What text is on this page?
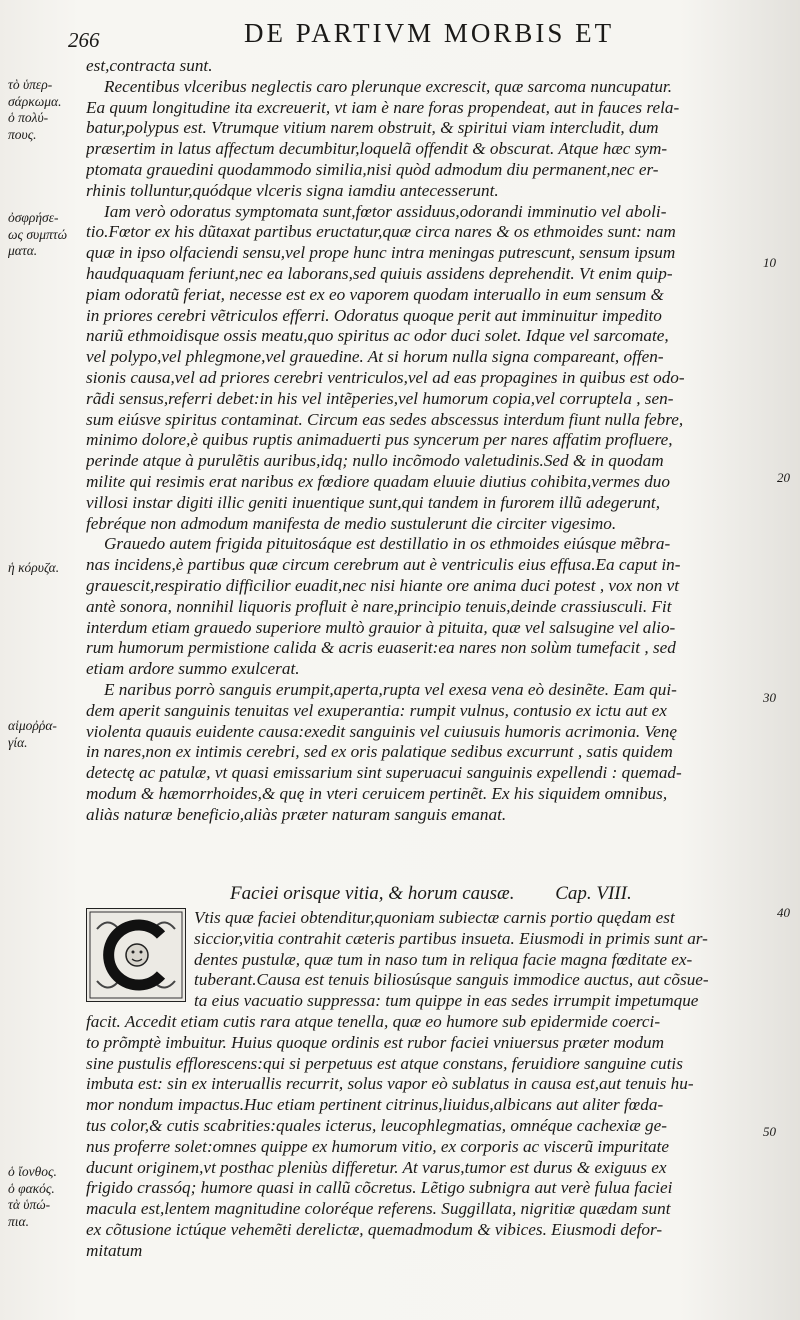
266	DE PARTIVM MORBIS ET
τὸ ὑπερ-
σάρκωμα.
ὁ πολύ-
πους.
ὀσφρήσε-
ως συμπτώ
ματα.
ἡ κόρυζα.
αἱμοῤῥα-
γία.
ὁ ἴονθος.
ὁ φακός.
τὰ ὑπώ-
πια.
10
20
30
40
50
est,contracta sunt.
Recentibus vlceribus neglectis caro plerunque excrescit, quæ sarcoma nuncupatur.
Ea quum longitudine ita excreuerit, vt iam è nare foras propendeat, aut in fauces rela-
batur,polypus est. Vtrumque vitium narem obstruit, & spiritui viam intercludit, dum
præsertim in latus affectum decumbitur,loquelã offendit & obscurat. Atque hæc sym-
ptomata grauedini quodammodo similia,nisi quòd admodum diu permanent,nec er-
rhinis tolluntur,quódque vlceris signa iamdiu antecesserunt.
Iam verò odoratus symptomata sunt,fœtor assiduus,odorandi imminutio vel aboli-
tio.Fœtor ex his dũtaxat partibus eructatur,quæ circa nares & os ethmoides sunt: nam
quæ in ipso olfaciendi sensu,vel prope hunc intra meningas putrescunt, sensum ipsum
haudquaquam feriunt,nec ea laborans,sed quiuis assidens deprehendit. Vt enim quip-
piam odoratũ feriat, necesse est ex eo vaporem quodam interuallo in eum sensum &
in priores cerebri vẽtriculos efferri. Odoratus quoque perit aut imminuitur impedito
nariũ ethmoidisque ossis meatu,quo spiritus ac odor duci solet. Idque vel sarcomate,
vel polypo,vel phlegmone,vel grauedine. At si horum nulla signa compareant, offen-
sionis causa,vel ad priores cerebri ventriculos,vel ad eas propagines in quibus est odo-
rãdi sensus,referri debet:in his vel intẽperies,vel humorum copia,vel corruptela , sen-
sum eiúsve spiritus contaminat. Circum eas sedes abscessus interdum fiunt nulla febre,
minimo dolore,è quibus ruptis animaduerti pus syncerum per nares affatim profluere,
perinde atque à purulẽtis auribus,idq; nullo incõmodo valetudinis.Sed & in quodam
milite qui resimis erat naribus ex fœdiore quadam eluuie diutius cohibita,vermes duo
villosi instar digiti illic geniti inuentique sunt,qui tandem in furorem illũ adegerunt,
febréque non admodum manifesta de medio sustulerunt die circiter vigesimo.
Grauedo autem frigida pituitosáque est destillatio in os ethmoides eiúsque mẽbra-
nas incidens,è partibus quæ circum cerebrum aut è ventriculis eius effusa.Ea caput in-
grauescit,respiratio difficilior euadit,nec nisi hiante ore anima duci potest , vox non vt
antè sonora, nonnihil liquoris profluit è nare,principio tenuis,deinde crassiusculi. Fit
interdum etiam grauedo superiore multò grauior à pituita, quæ vel salsugine vel alio-
rum humorum permistione calida & acris euaserit:ea nares non solùm tumefacit , sed
etiam ardore summo exulcerat.
E naribus porrò sanguis erumpit,aperta,rupta vel exesa vena eò desinẽte. Eam qui-
dem aperit sanguinis tenuitas vel exuperantia: rumpit vulnus, contusio ex ictu aut ex
violenta quauis euidente causa:exedit sanguinis vel cuiusuis humoris acrimonia. Venę
in nares,non ex intimis cerebri, sed ex oris palatique sedibus excurrunt , satis quidem
detectę ac patulæ, vt quasi emissarium sint superuacui sanguinis expellendi : quemad-
modum & hæmorrhoides,& quę in vteri ceruicem pertinẽt. Ex his siquidem omnibus,
aliàs naturæ beneficio,aliàs præter naturam sanguis emanat.
Faciei orisque vitia, & horum causæ. Cap. VIII.
Vtis quæ faciei obtenditur,quoniam subiectæ carnis portio quędam est
siccior,vitia contrahit cæteris partibus insueta. Eiusmodi in primis sunt ar-
dentes pustulæ, quæ tum in naso tum in reliqua facie magna fœditate ex-
tuberant.Causa est tenuis biliosúsque sanguis immodice auctus, aut cõsue-
ta eius vacuatio suppressa: tum quippe in eas sedes irrumpit impetumque
facit. Accedit etiam cutis rara atque tenella, quæ eo humore sub epidermide coerci-
to prõmptè imbuitur. Huius quoque ordinis est rubor faciei vniuersus præter modum
sine pustulis efflorescens:qui si perpetuus est atque constans, feruidiore sanguine cutis
imbuta est: sin ex interuallis recurrit, solus vapor eò sublatus in causa est,aut tenuis hu-
mor nondum impactus.Huc etiam pertinent citrinus,liuidus,albicans aut aliter fœda-
tus color,& cutis scabrities:quales icterus, leucophlegmatias, omnéque cachexiæ ge-
nus proferre solet:omnes quippe ex humorum vitio, ex corporis ac viscerũ impuritate
ducunt originem,vt posthac pleniùs differetur. At varus,tumor est durus & exiguus ex
frigido crassóq; humore quasi in callũ cõcretus. Lẽtigo subnigra aut verè fulua faciei
macula est,lentem magnitudine coloréque referens. Suggillata, nigritiæ quædam sunt
ex cõtusione ictúque vehemẽti derelictæ, quemadmodum & vibices. Eiusmodi defor-
mitatum
